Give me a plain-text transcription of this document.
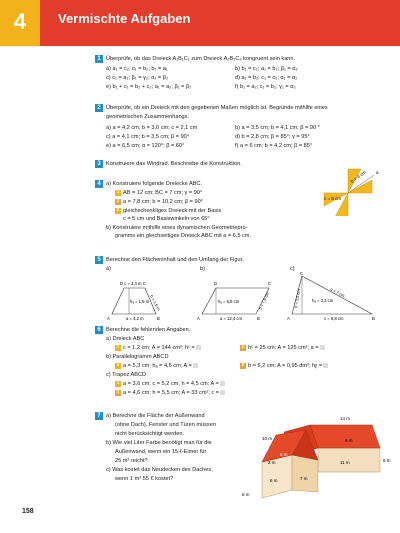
4	Vermischte Aufgaben
1 Überprüfe, ob das Dreieck A₁B₁C₁ zum Dreieck A₂B₂C₂ kongruent sein kann.
a) a₁ = c₂; c₁ = b₂; b₁ = a₁	b) b₁ = c₂; a₁ = b₂; β₁ = α₂
c) c₁ = a₂; β₁ = γ₂; α₁ = β₂	d) a₁ = b₂; c₁ = c₂; α₁ = α₂
e) b₁ + c₁ = b₂ + c₂; a₁ = a₂; β₁ = β₂	f) b₁ = a₂; c₁ = b₂; γ₁ = α₂
2 Überprüfe, ob ein Dreieck mit den gegebenen Maßen möglich ist. Begründe mithilfe eines
geometrischen Zusammenhangs.
a) a = 4,2 cm; b = 3,6 cm; c = 2,1 cm	b) a = 3,5 cm; b = 4,1 cm; β = 90 °
c) a = 4,1 cm; b = 3,5 cm; β = 90°	d) b = 2,8 cm; β = 85°; γ = 95°
e) a = 6,5 cm; α = 120°; β = 60°	f) a = 6 cm; b = 4,2 cm; β = 85°
3 Konstruiere das Windrad. Beschreibe die Konstruktion.
b = 4 cm a
c = 5 cm
4 a) Konstruiere folgende Dreiecke ABC.
1 AB = 12 cm; BC = 7 cm; γ = 90°
2 a = 7,8 cm; b = 10,2 cm; β = 90°
3 gleichschenkliges Dreieck mit der Basis
c = 5 cm und Basiswinkeln von 65°
b) Konstruiere mithilfe eines dynamischen Geometriepro-
gramms ein gleichseitiges Dreieck ABC mit a = 6,5 cm.
5 Berechne den Flächeninhalt und den Umfang der Figur.
a)	b)	c)
D c = 3,4 m C
hₐ = 1,5 m b = 1,6 m
a = 4,2 m
A	B
D	C
hₐ = 5,9 cm	b = 7,6 cm
a = 12,4 cm
A	B
C
a = 7 cm
b = 3,5 cm	hₐ = 3,3 cm
c = 6,8 cm
A	B
6 Berechne die fehlenden Angaben.
a) Dreieck ABC
1 c = 1,2 cm; A = 144 cm²; hᶜ =	2 hᶜ = 25 cm; A = 125 cm²; a =
b) Parallelogramm ABCD
1 a = 5,3 cm; hₐ = 4,5 cm; A =	2 b = 6,2 cm; A = 0,95 dm²; hᵦ =
c) Trapez ABCD
1 a = 3,6 cm; c = 5,2 cm; h = 4,5 cm; A =
2 a = 4,6 cm; h = 5,5 cm; A = 33 cm²; c =
7 a) Berechne die Fläche der Außenwand
(ohne Dach). Fenster und Türen müssen
nicht berücksichtigt werden.
b) Wie viel Liter Farbe benötigt man für die
Außenwand, wenn ein 15-ℓ-Eimer für
25 m² reicht?
c) Was kostet das Neudecken des Daches,
wenn 1 m² 55 € kostet?
14 m
10 m
6 m
6 m
6 m
6 m
6 m
11 m
7 m
2 m
158
